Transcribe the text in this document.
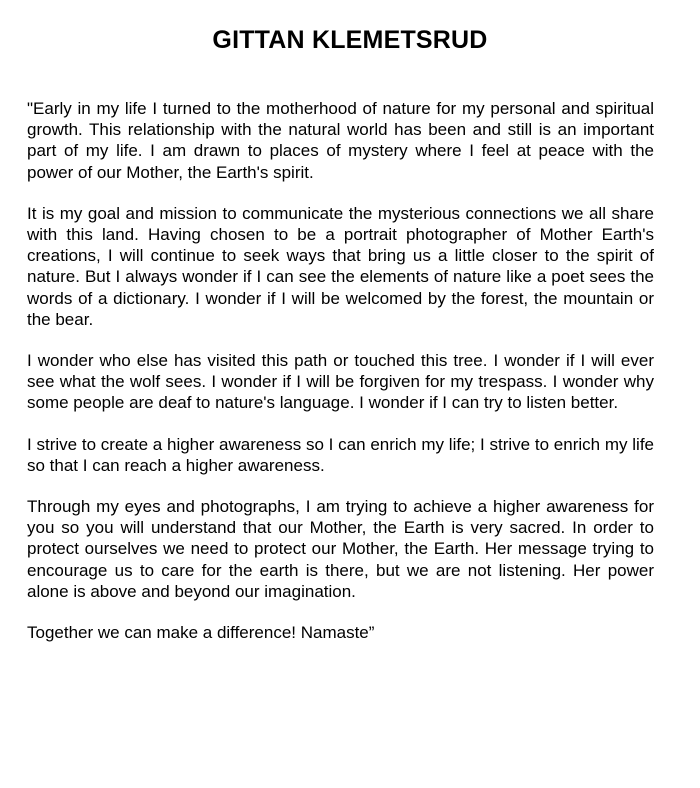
GITTAN KLEMETSRUD

"Early in my life I turned to the motherhood of nature for my personal and spiritual growth. This relationship with the natural world has been and still is an important part of my life. I am drawn to places of mystery where I feel at peace with the power of our Mother, the Earth's spirit.

It is my goal and mission to communicate the mysterious connections we all share with this land. Having chosen to be a portrait photographer of Mother Earth's creations, I will continue to seek ways that bring us a little closer to the spirit of nature. But I always wonder if I can see the elements of nature like a poet sees the words of a dictionary. I wonder if I will be welcomed by the forest, the mountain or the bear.

I wonder who else has visited this path or touched this tree. I wonder if I will ever see what the wolf sees. I wonder if I will be forgiven for my trespass. I wonder why some people are deaf to nature's language. I wonder if I can try to listen better.

I strive to create a higher awareness so I can enrich my life; I strive to enrich my life so that I can reach a higher awareness.

Through my eyes and photographs, I am trying to achieve a higher awareness for you so you will understand that our Mother, the Earth is very sacred. In order to protect ourselves we need to protect our Mother, the Earth. Her message trying to encourage us to care for the earth is there, but we are not listening. Her power alone is above and beyond our imagination.

Together we can make a difference! Namaste”
